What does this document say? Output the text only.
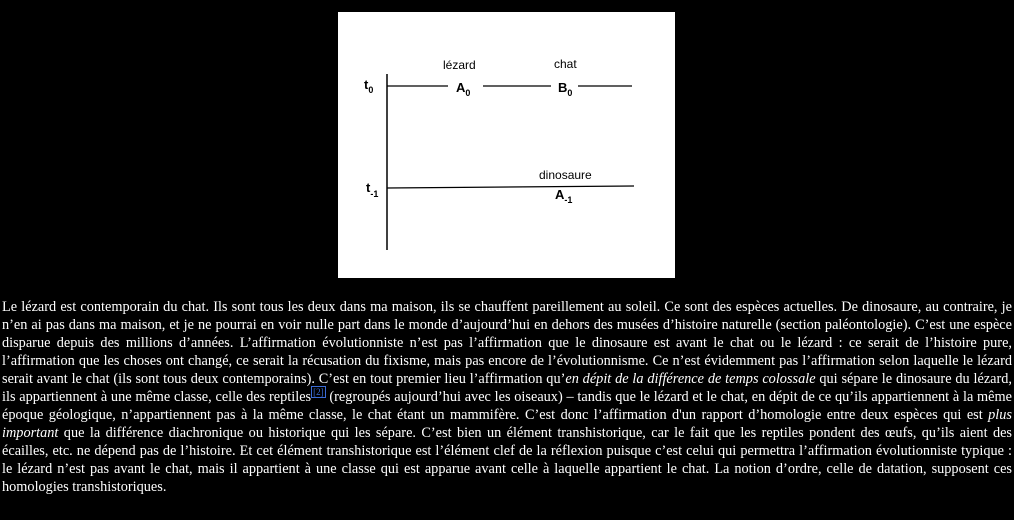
$t_0$
lézard
$A_0$
chat
$B_0$
$t_{-1}$
dinosaure
$A_{-1}$

Le lézard est contemporain du chat. Ils sont tous les deux dans ma maison, ils se chauffent pareillement au soleil. Ce sont des espèces actuelles. De dinosaure, au contraire, je n’en ai pas dans ma maison, et je ne pourrai en voir nulle part dans le monde d’aujourd’hui en dehors des musées d’histoire naturelle (section paléontologie). C’est une espèce disparue depuis des millions d’années. L’affirmation évolutionniste n’est pas l’affirmation que le dinosaure est avant le chat ou le lézard : ce serait de l’histoire pure, l’affirmation que les choses ont changé, ce serait la récusation du fixisme, mais pas encore de l’évolutionnisme. Ce n’est évidemment pas l’affirmation selon laquelle le lézard serait avant le chat (ils sont tous deux contemporains). C’est en tout premier lieu l’affirmation qu’en dépit de la différence de temps colossale qui sépare le dinosaure du lézard, ils appartiennent à une même classe, celle des reptiles [2] (regroupés aujourd’hui avec les oiseaux) – tandis que le lézard et le chat, en dépit de ce qu’ils appartiennent à la même époque géologique, n’appartiennent pas à la même classe, le chat étant un mammifère. C’est donc l’affirmation d'un rapport d’homologie entre deux espèces qui est plus important que la différence diachronique ou historique qui les sépare. C’est bien un élément transhistorique, car le fait que les reptiles pondent des œufs, qu’ils aient des écailles, etc. ne dépend pas de l’histoire. Et cet élément transhistorique est l’élément clef de la réflexion puisque c’est celui qui permettra l’affirmation évolutionniste typique : le lézard n’est pas avant le chat, mais il appartient à une classe qui est apparue avant celle à laquelle appartient le chat. La notion d’ordre, celle de datation, supposent ces homologies transhistoriques.
